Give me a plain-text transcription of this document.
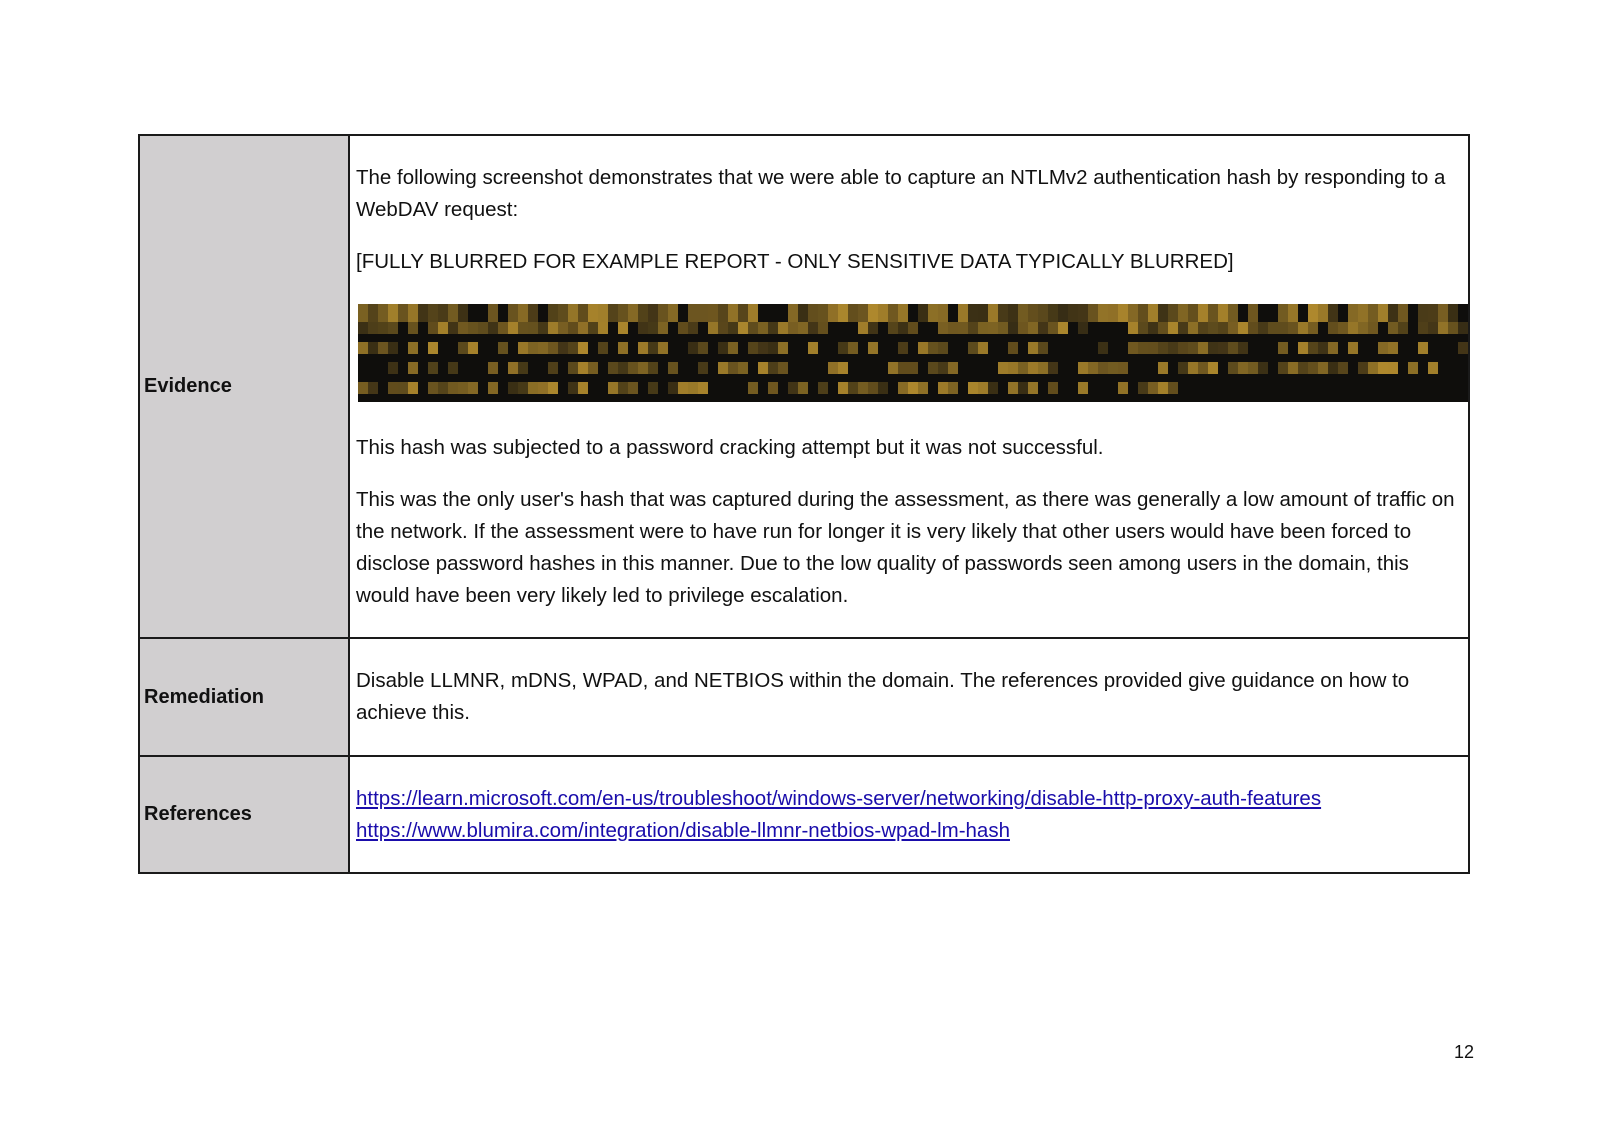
Evidence	The following screenshot demonstrates that we were able to capture an NTLMv2 authentication hash by responding to a WebDAV request:

[FULLY BLURRED FOR EXAMPLE REPORT - ONLY SENSITIVE DATA TYPICALLY BLURRED]

This hash was subjected to a password cracking attempt but it was not successful.

This was the only user's hash that was captured during the assessment, as there was generally a low amount of traffic on the network. If the assessment were to have run for longer it is very likely that other users would have been forced to disclose password hashes in this manner. Due to the low quality of passwords seen among users in the domain, this would have been very likely led to privilege escalation.

Remediation	Disable LLMNR, mDNS, WPAD, and NETBIOS within the domain. The references provided give guidance on how to achieve this.

References	https://learn.microsoft.com/en-us/troubleshoot/windows-server/networking/disable-http-proxy-auth-features
https://www.blumira.com/integration/disable-llmnr-netbios-wpad-lm-hash
12
